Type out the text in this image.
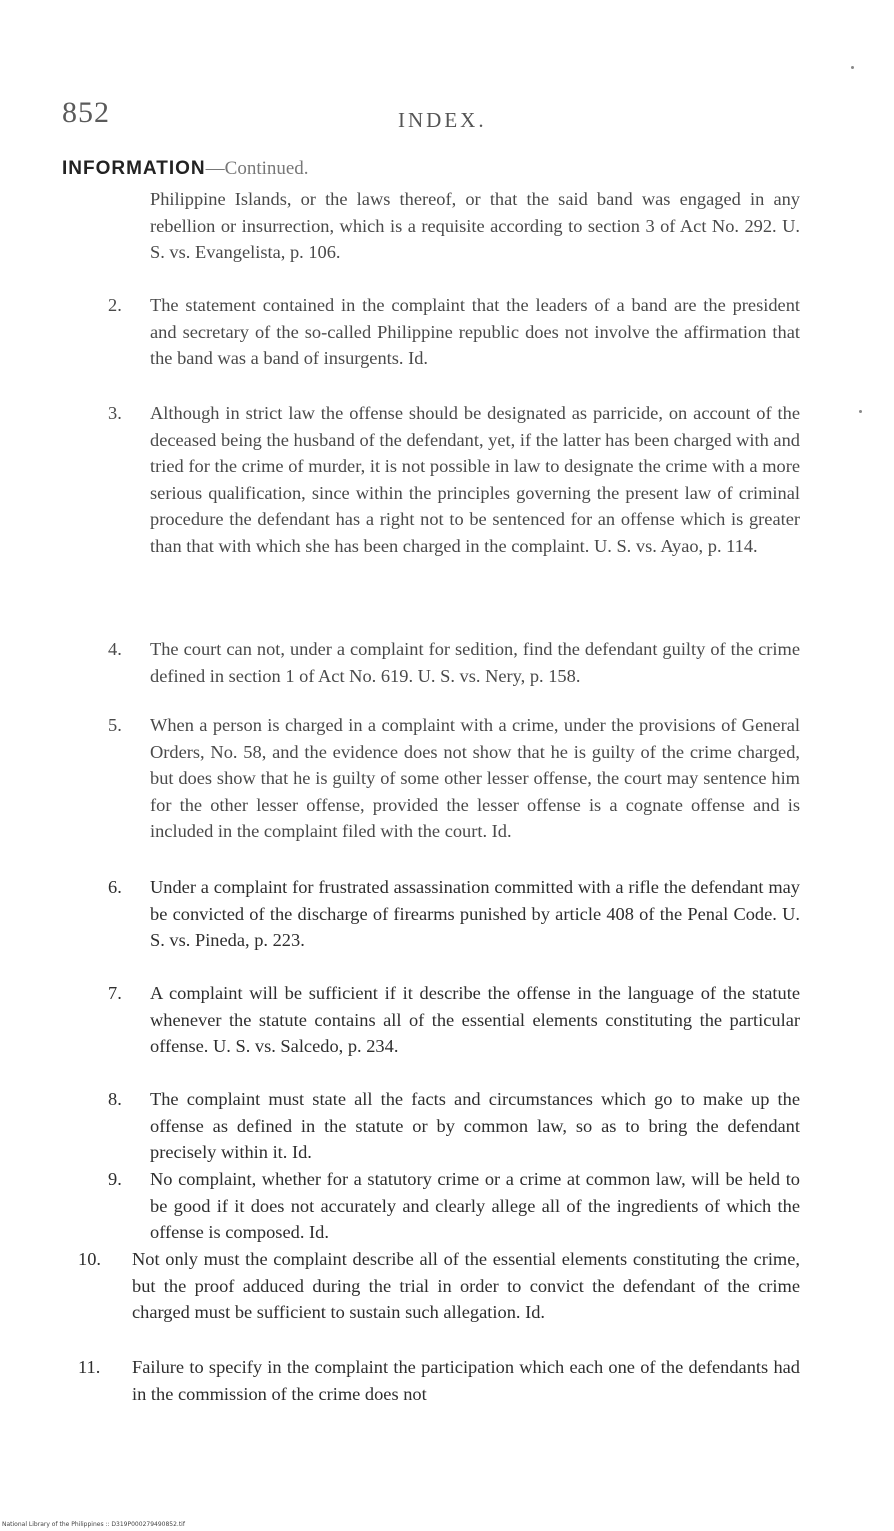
852	INDEX.
INFORMATION—Continued.
Philippine Islands, or the laws thereof, or that the said band was engaged in any rebellion or insurrection, which is a requisite according to section 3 of Act No. 292. U. S. vs. Evangelista, p. 106.
2. The statement contained in the complaint that the leaders of a band are the president and secretary of the so-called Philippine republic does not involve the affirmation that the band was a band of insurgents. Id.
3. Although in strict law the offense should be designated as parricide, on account of the deceased being the husband of the defendant, yet, if the latter has been charged with and tried for the crime of murder, it is not possible in law to designate the crime with a more serious qualification, since within the principles governing the present law of criminal procedure the defendant has a right not to be sentenced for an offense which is greater than that with which she has been charged in the complaint. U. S. vs. Ayao, p. 114.
4. The court can not, under a complaint for sedition, find the defendant guilty of the crime defined in section 1 of Act No. 619. U. S. vs. Nery, p. 158.
5. When a person is charged in a complaint with a crime, under the provisions of General Orders, No. 58, and the evidence does not show that he is guilty of the crime charged, but does show that he is guilty of some other lesser offense, the court may sentence him for the other lesser offense, provided the lesser offense is a cognate offense and is included in the complaint filed with the court. Id.
6. Under a complaint for frustrated assassination committed with a rifle the defendant may be convicted of the discharge of firearms punished by article 408 of the Penal Code. U. S. vs. Pineda, p. 223.
7. A complaint will be sufficient if it describe the offense in the language of the statute whenever the statute contains all of the essential elements constituting the particular offense. U. S. vs. Salcedo, p. 234.
8. The complaint must state all the facts and circumstances which go to make up the offense as defined in the statute or by common law, so as to bring the defendant precisely within it. Id.
9. No complaint, whether for a statutory crime or a crime at common law, will be held to be good if it does not accurately and clearly allege all of the ingredients of which the offense is composed. Id.
10. Not only must the complaint describe all of the essential elements constituting the crime, but the proof adduced during the trial in order to convict the defendant of the crime charged must be sufficient to sustain such allegation. Id.
11. Failure to specify in the complaint the participation which each one of the defendants had in the commission of the crime does not
National Library of the Philippines :: D319P000279490852.tif
